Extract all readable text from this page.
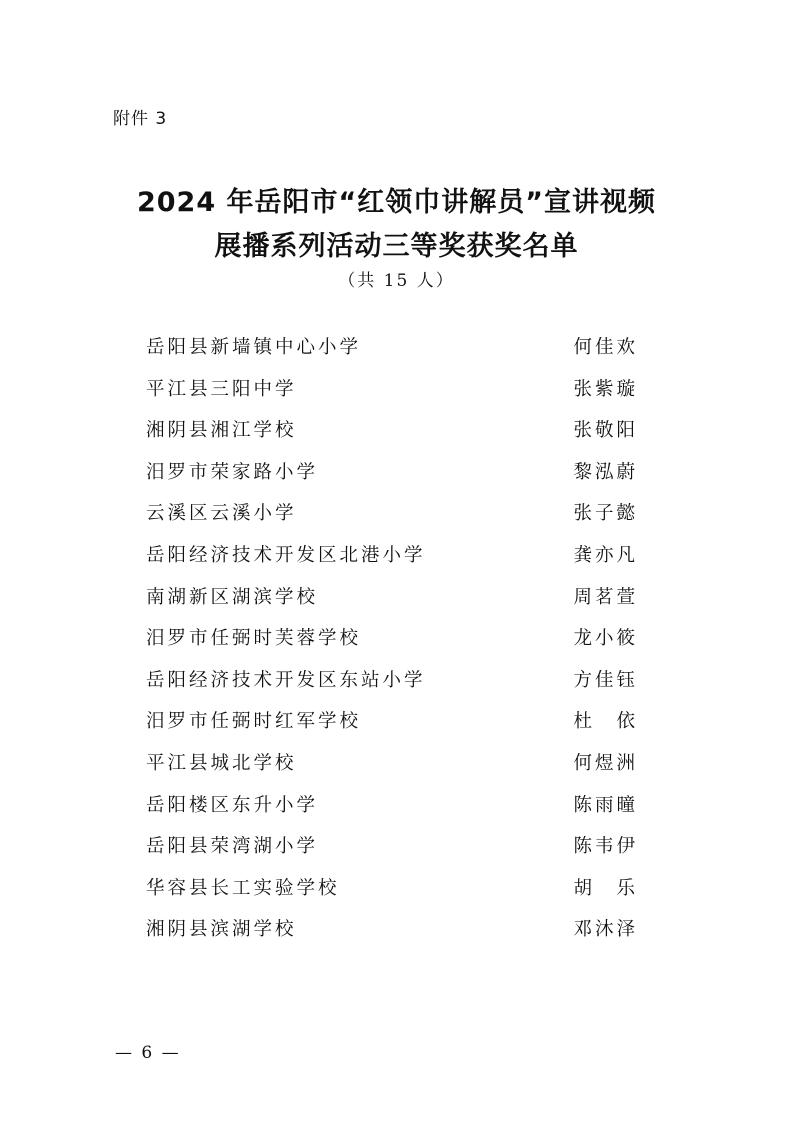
附件 3
2024 年岳阳市“红领巾讲解员”宣讲视频
展播系列活动三等奖获奖名单
（共 15 人）
岳阳县新墙镇中心小学	何佳欢
平江县三阳中学	张紫璇
湘阴县湘江学校	张敬阳
汨罗市荣家路小学	黎泓蔚
云溪区云溪小学	张子懿
岳阳经济技术开发区北港小学	龚亦凡
南湖新区湖滨学校	周茗萱
汨罗市任弼时芙蓉学校	龙小筱
岳阳经济技术开发区东站小学	方佳钰
汨罗市任弼时红军学校	杜　依
平江县城北学校	何煜洲
岳阳楼区东升小学	陈雨曈
岳阳县荣湾湖小学	陈韦伊
华容县长工实验学校	胡　乐
湘阴县滨湖学校	邓沐泽
— 6 —
